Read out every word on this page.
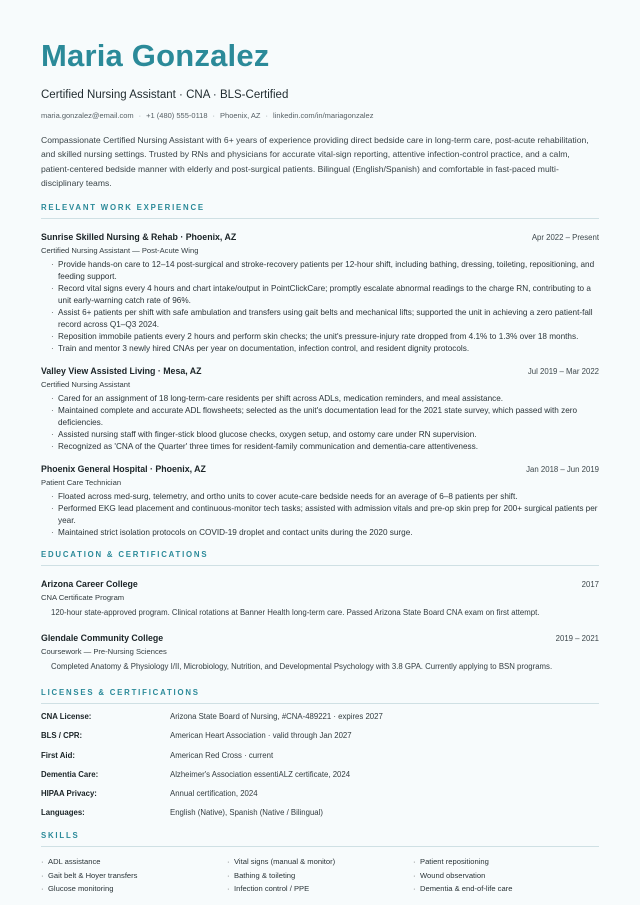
Maria Gonzalez
Certified Nursing Assistant · CNA · BLS-Certified
maria.gonzalez@email.com · +1 (480) 555-0118 · Phoenix, AZ · linkedin.com/in/mariagonzalez
Compassionate Certified Nursing Assistant with 6+ years of experience providing direct bedside care in long-term care, post-acute rehabilitation, and skilled nursing settings. Trusted by RNs and physicians for accurate vital-sign reporting, attentive infection-control practice, and a calm, patient-centered bedside manner with elderly and post-surgical patients. Bilingual (English/Spanish) and comfortable in fast-paced multi-disciplinary teams.
RELEVANT WORK EXPERIENCE
Sunrise Skilled Nursing & Rehab · Phoenix, AZ	Apr 2022 – Present
Certified Nursing Assistant — Post-Acute Wing
· Provide hands-on care to 12–14 post-surgical and stroke-recovery patients per 12-hour shift, including bathing, dressing, toileting, repositioning, and feeding support.
· Record vital signs every 4 hours and chart intake/output in PointClickCare; promptly escalate abnormal readings to the charge RN, contributing to a unit early-warning catch rate of 96%.
· Assist 6+ patients per shift with safe ambulation and transfers using gait belts and mechanical lifts; supported the unit in achieving a zero patient-fall record across Q1–Q3 2024.
· Reposition immobile patients every 2 hours and perform skin checks; the unit's pressure-injury rate dropped from 4.1% to 1.3% over 18 months.
· Train and mentor 3 newly hired CNAs per year on documentation, infection control, and resident dignity protocols.
Valley View Assisted Living · Mesa, AZ	Jul 2019 – Mar 2022
Certified Nursing Assistant
· Cared for an assignment of 18 long-term-care residents per shift across ADLs, medication reminders, and meal assistance.
· Maintained complete and accurate ADL flowsheets; selected as the unit's documentation lead for the 2021 state survey, which passed with zero deficiencies.
· Assisted nursing staff with finger-stick blood glucose checks, oxygen setup, and ostomy care under RN supervision.
· Recognized as 'CNA of the Quarter' three times for resident-family communication and dementia-care attentiveness.
Phoenix General Hospital · Phoenix, AZ	Jan 2018 – Jun 2019
Patient Care Technician
· Floated across med-surg, telemetry, and ortho units to cover acute-care bedside needs for an average of 6–8 patients per shift.
· Performed EKG lead placement and continuous-monitor tech tasks; assisted with admission vitals and pre-op skin prep for 200+ surgical patients per year.
· Maintained strict isolation protocols on COVID-19 droplet and contact units during the 2020 surge.
EDUCATION & CERTIFICATIONS
Arizona Career College	2017
CNA Certificate Program
120-hour state-approved program. Clinical rotations at Banner Health long-term care. Passed Arizona State Board CNA exam on first attempt.
Glendale Community College	2019 – 2021
Coursework — Pre-Nursing Sciences
Completed Anatomy & Physiology I/II, Microbiology, Nutrition, and Developmental Psychology with 3.8 GPA. Currently applying to BSN programs.
LICENSES & CERTIFICATIONS
CNA License:	Arizona State Board of Nursing, #CNA-489221 · expires 2027
BLS / CPR:	American Heart Association · valid through Jan 2027
First Aid:	American Red Cross · current
Dementia Care:	Alzheimer's Association essentiALZ certificate, 2024
HIPAA Privacy:	Annual certification, 2024
Languages:	English (Native), Spanish (Native / Bilingual)
SKILLS
· ADL assistance	· Vital signs (manual & monitor)	· Patient repositioning
· Gait belt & Hoyer transfers	· Bathing & toileting	· Wound observation
· Glucose monitoring	· Infection control / PPE	· Dementia & end-of-life care
